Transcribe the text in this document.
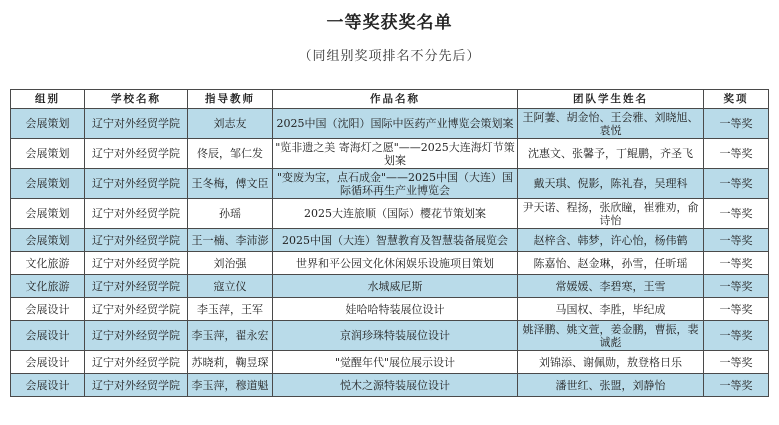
一等奖获奖名单
（同组别奖项排名不分先后）
组别	学校名称	指导教师	作品名称	团队学生姓名	奖项
会展策划	辽宁对外经贸学院	刘志友	2025中国（沈阳）国际中医药产业博览会策划案	王阿萋、胡金怡、王会雅、刘晓旭、袁悦	一等奖
会展策划	辽宁对外经贸学院	佟辰，邹仁发	"览非遗之美 寄海灯之愿"——2025大连海灯节策划案	沈惠文、张馨予，丁鲲鹏，齐圣飞	一等奖
会展策划	辽宁对外经贸学院	王冬梅，傅文臣	"变废为宝，点石成金"——2025中国（大连）国际循环再生产业博览会	戴天琪、倪影，陈礼春，吴理科	一等奖
会展策划	辽宁对外经贸学院	孙瑶	2025大连旅顺（国际）樱花节策划案	尹天诺、程扬，张欣瞳，崔雅劝，俞诗怡	一等奖
会展策划	辽宁对外经贸学院	王一楠、李沛澎	2025中国（大连）智慧教育及智慧装备展览会	赵梓含、韩梦，许心怡，杨伟鹤	一等奖
文化旅游	辽宁对外经贸学院	刘治强	世界和平公园文化休闲娱乐设施项目策划	陈嘉怡、赵金琳，孙雪，任昕瑶	一等奖
文化旅游	辽宁对外经贸学院	寇立仪	水城威尼斯	常媛媛、李碧寒，王雪	一等奖
会展设计	辽宁对外经贸学院	李玉萍，王军	娃哈哈特装展位设计	马国权、李胜，毕纪成	一等奖
会展设计	辽宁对外经贸学院	李玉萍，翟永宏	京润珍珠特装展位设计	姚泽鹏、姚文萱，姜金鹏，曹振，裴诚彪	一等奖
会展设计	辽宁对外经贸学院	苏晓莉，鞠昱琛	"觉醒年代"展位展示设计	刘锦添、谢佩勋，敖登格日乐	一等奖
会展设计	辽宁对外经贸学院	李玉萍，穆道魁	悦木之源特装展位设计	潘世红、张盟，刘静怡	一等奖
